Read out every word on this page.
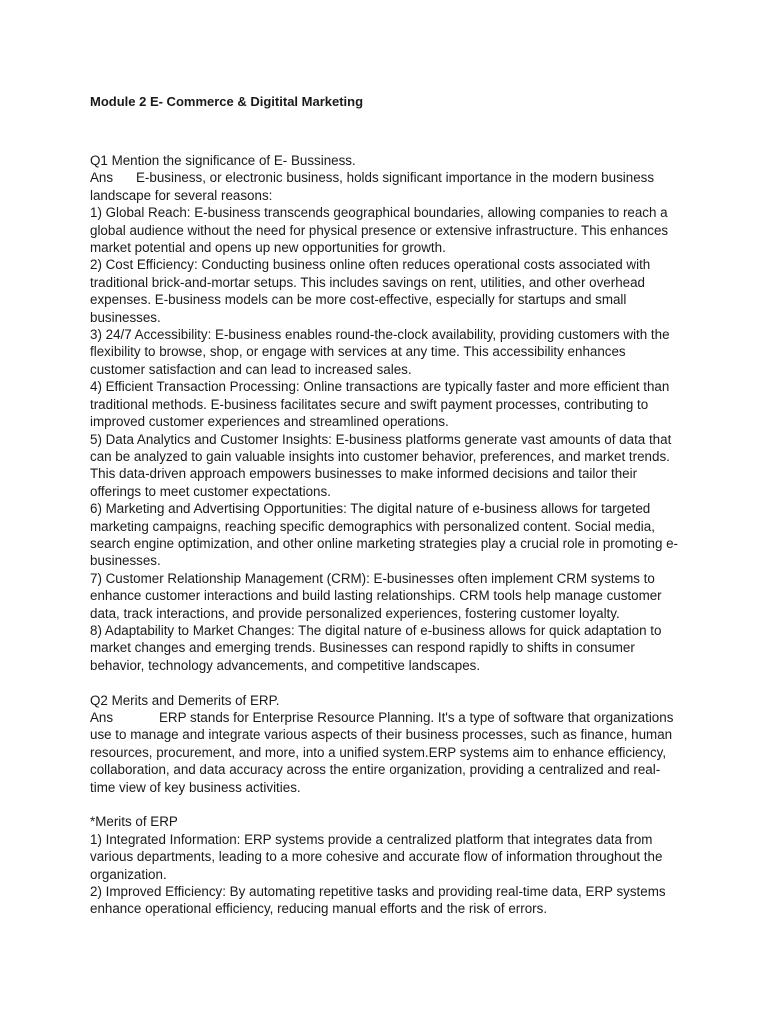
Module 2 E- Commerce & Digitital Marketing

Q1 Mention the significance of E- Bussiness.

Ans E-business, or electronic business, holds significant importance in the modern business landscape for several reasons:

1) Global Reach: E-business transcends geographical boundaries, allowing companies to reach a global audience without the need for physical presence or extensive infrastructure. This enhances market potential and opens up new opportunities for growth.

2) Cost Efficiency: Conducting business online often reduces operational costs associated with traditional brick-and-mortar setups. This includes savings on rent, utilities, and other overhead expenses. E-business models can be more cost-effective, especially for startups and small businesses.

3) 24/7 Accessibility: E-business enables round-the-clock availability, providing customers with the flexibility to browse, shop, or engage with services at any time. This accessibility enhances customer satisfaction and can lead to increased sales.

4) Efficient Transaction Processing: Online transactions are typically faster and more efficient than traditional methods. E-business facilitates secure and swift payment processes, contributing to improved customer experiences and streamlined operations.

5) Data Analytics and Customer Insights: E-business platforms generate vast amounts of data that can be analyzed to gain valuable insights into customer behavior, preferences, and market trends. This data-driven approach empowers businesses to make informed decisions and tailor their offerings to meet customer expectations.

6) Marketing and Advertising Opportunities: The digital nature of e-business allows for targeted marketing campaigns, reaching specific demographics with personalized content. Social media, search engine optimization, and other online marketing strategies play a crucial role in promoting e-businesses.

7) Customer Relationship Management (CRM): E-businesses often implement CRM systems to enhance customer interactions and build lasting relationships. CRM tools help manage customer data, track interactions, and provide personalized experiences, fostering customer loyalty.

8) Adaptability to Market Changes: The digital nature of e-business allows for quick adaptation to market changes and emerging trends. Businesses can respond rapidly to shifts in consumer behavior, technology advancements, and competitive landscapes.

Q2 Merits and Demerits of ERP.

Ans	ERP stands for Enterprise Resource Planning. It's a type of software that organizations use to manage and integrate various aspects of their business processes, such as finance, human resources, procurement, and more, into a unified system.ERP systems aim to enhance efficiency, collaboration, and data accuracy across the entire organization, providing a centralized and real-time view of key business activities.

*Merits of ERP

1) Integrated Information: ERP systems provide a centralized platform that integrates data from various departments, leading to a more cohesive and accurate flow of information throughout the organization.

2) Improved Efficiency: By automating repetitive tasks and providing real-time data, ERP systems enhance operational efficiency, reducing manual efforts and the risk of errors.
